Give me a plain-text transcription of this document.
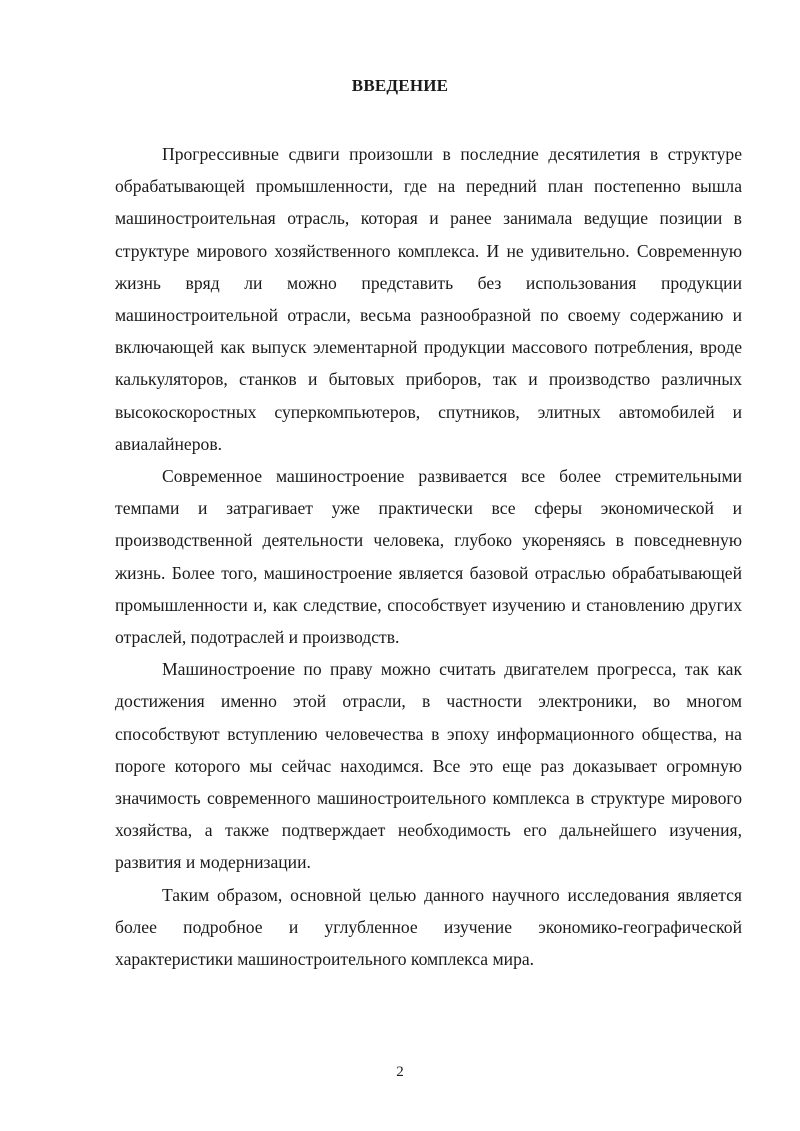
ВВЕДЕНИЕ

Прогрессивные сдвиги произошли в последние десятилетия в структуре обрабатывающей промышленности, где на передний план постепенно вышла машиностроительная отрасль, которая и ранее занимала ведущие позиции в структуре мирового хозяйственного комплекса. И не удивительно. Современную жизнь вряд ли можно представить без использования продукции машиностроительной отрасли, весьма разнообразной по своему содержанию и включающей как выпуск элементарной продукции массового потребления, вроде калькуляторов, станков и бытовых приборов, так и производство различных высокоскоростных суперкомпьютеров, спутников, элитных автомобилей и авиалайнеров.

Современное машиностроение развивается все более стремительными темпами и затрагивает уже практически все сферы экономической и производственной деятельности человека, глубоко укореняясь в повседневную жизнь. Более того, машиностроение является базовой отраслью обрабатывающей промышленности и, как следствие, способствует изучению и становлению других отраслей, подотраслей и производств.

Машиностроение по праву можно считать двигателем прогресса, так как достижения именно этой отрасли, в частности электроники, во многом способствуют вступлению человечества в эпоху информационного общества, на пороге которого мы сейчас находимся. Все это еще раз доказывает огромную значимость современного машиностроительного комплекса в структуре мирового хозяйства, а также подтверждает необходимость его дальнейшего изучения, развития и модернизации.

Таким образом, основной целью данного научного исследования является более подробное и углубленное изучение экономико-географической характеристики машиностроительного комплекса мира.

2
